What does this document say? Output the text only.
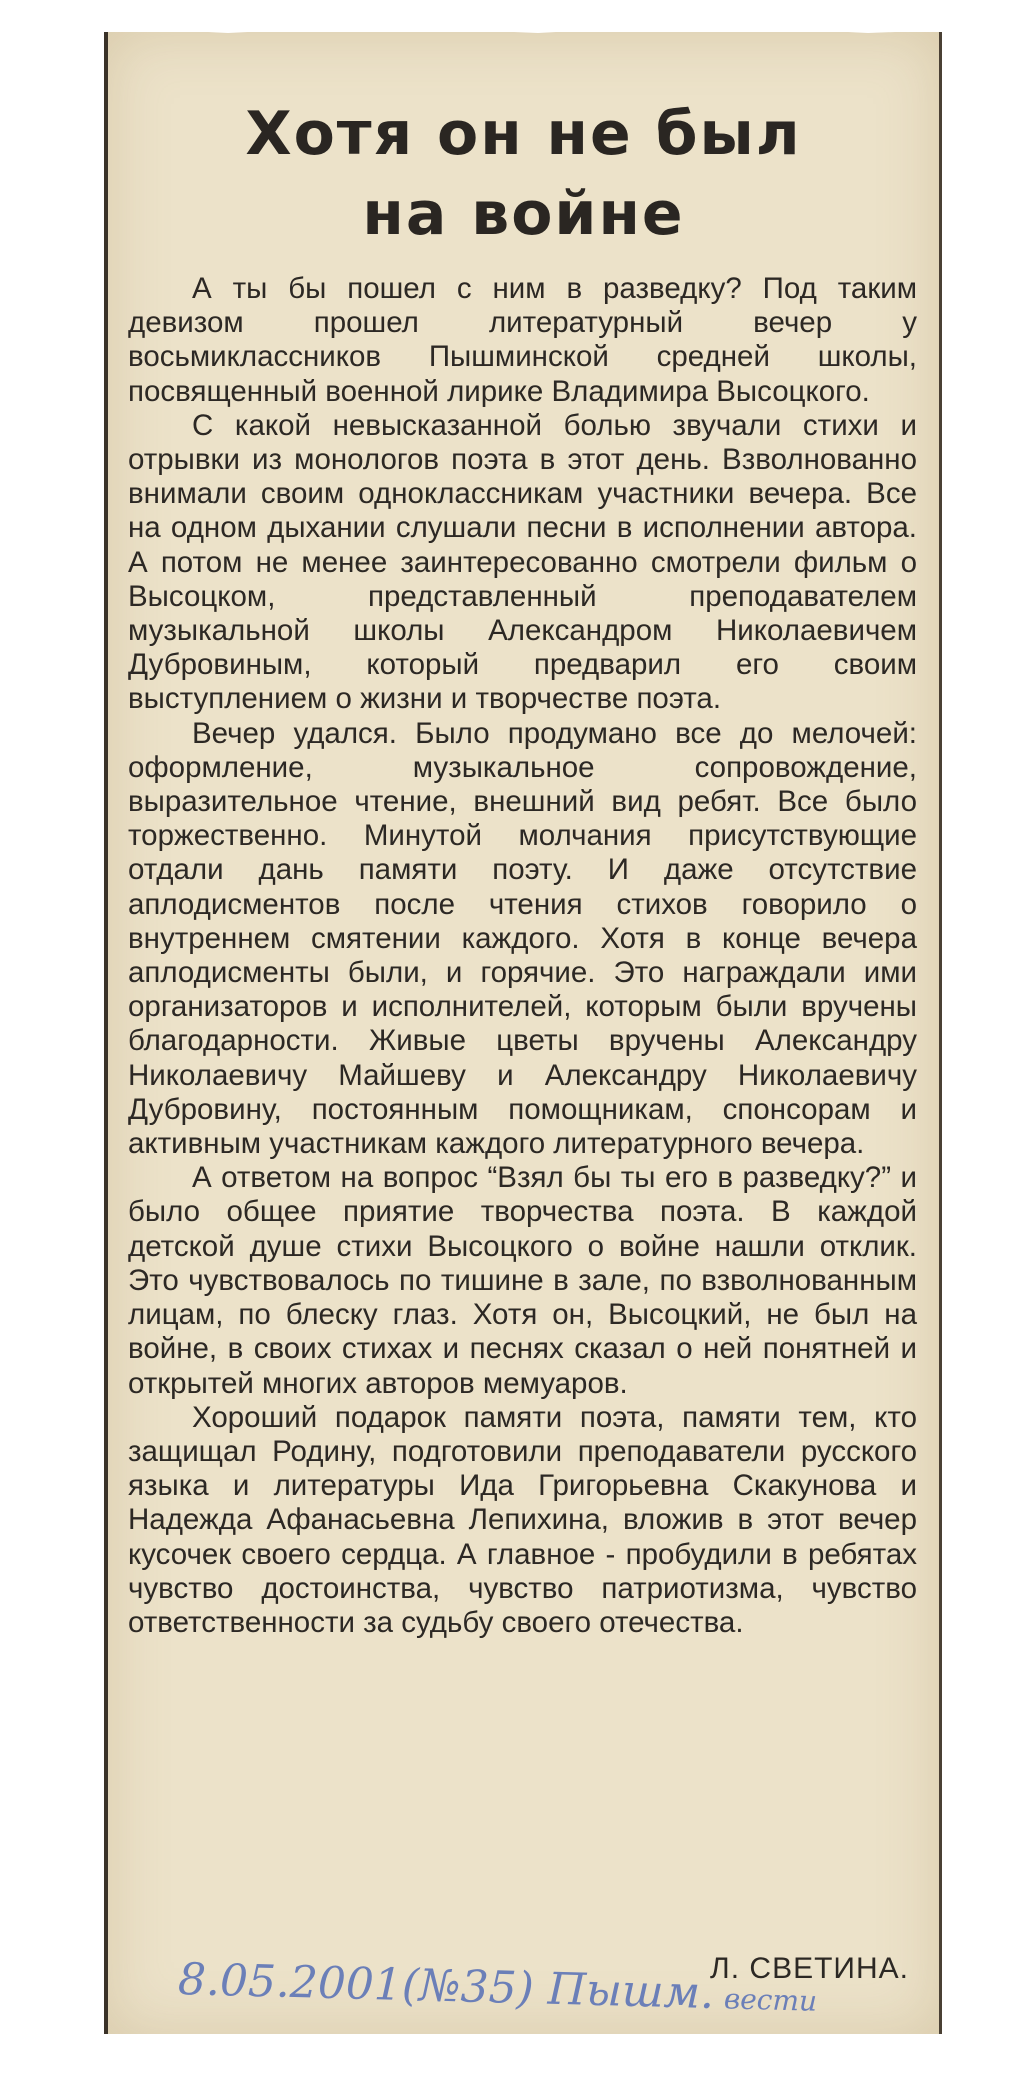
Хотя он не был
на войне

А ты бы пошел с ним в разведку? Под таким девизом прошел литературный вечер у восьмиклассников Пышминской средней школы, посвященный военной лирике Владимира Высоцкого.

С какой невысказанной болью звучали стихи и отрывки из монологов поэта в этот день. Взволнованно внимали своим одноклассникам участники вечера. Все на одном дыхании слушали песни в исполнении автора. А потом не менее заинтересованно смотрели фильм о Высоцком, представленный преподавателем музыкальной школы Александром Николаевичем Дубровиным, который предварил его своим выступлением о жизни и творчестве поэта.

Вечер удался. Было продумано все до мелочей: оформление, музыкальное сопровождение, выразительное чтение, внешний вид ребят. Все было торжественно. Минутой молчания присутствующие отдали дань памяти поэту. И даже отсутствие аплодисментов после чтения стихов говорило о внутреннем смятении каждого. Хотя в конце вечера аплодисменты были, и горячие. Это награждали ими организаторов и исполнителей, которым были вручены благодарности. Живые цветы вручены Александру Николаевичу Майшеву и Александру Николаевичу Дубровину, постоянным помощникам, спонсорам и активным участникам каждого литературного вечера.

А ответом на вопрос “Взял бы ты его в разведку?” и было общее приятие творчества поэта. В каждой детской душе стихи Высоцкого о войне нашли отклик. Это чувствовалось по тишине в зале, по взволнованным лицам, по блеску глаз. Хотя он, Высоцкий, не был на войне, в своих стихах и песнях сказал о ней понятней и открытей многих авторов мемуаров.

Хороший подарок памяти поэта, памяти тем, кто защищал Родину, подготовили преподаватели русского языка и литературы Ида Григорьевна Скакунова и Надежда Афанасьевна Лепихина, вложив в этот вечер кусочек своего сердца. А главное - пробудили в ребятах чувство достоинства, чувство патриотизма, чувство ответственности за судьбу своего отечества.

8.05.2001(№35) Пышм. вести
Л. СВЕТИНА.
